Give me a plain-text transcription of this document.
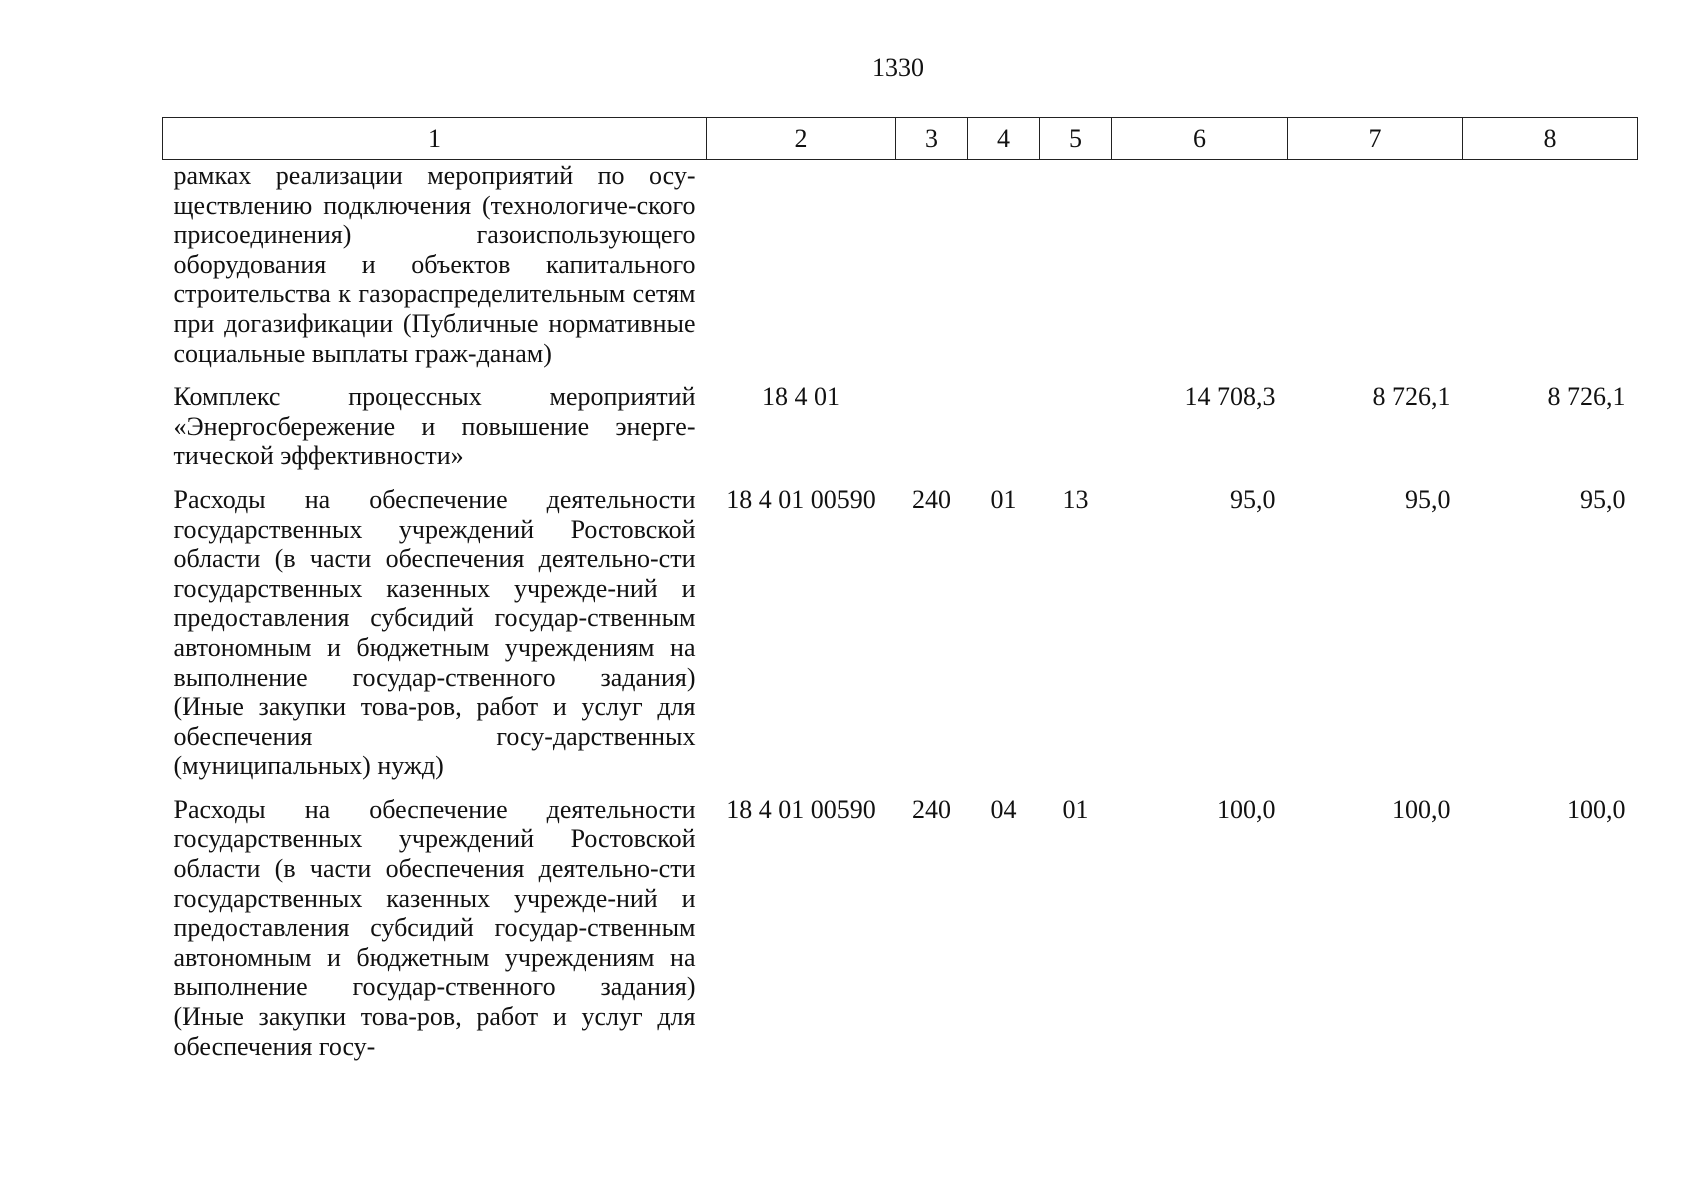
1330
1	2	3	4	5	6	7	8
рамках реализации мероприятий по осу-ществлению подключения (технологиче-ского присоединения) газоиспользующего оборудования и объектов капитального строительства к газораспределительным сетям при догазификации (Публичные нормативные социальные выплаты граж-данам)							
Комплекс процессных мероприятий «Энергосбережение и повышение энерге-тической эффективности»	18 4 01				14 708,3	8 726,1	8 726,1
Расходы на обеспечение деятельности государственных учреждений Ростовской области (в части обеспечения деятельно-сти государственных казенных учрежде-ний и предоставления субсидий государ-ственным автономным и бюджетным учреждениям на выполнение государ-ственного задания) (Иные закупки това-ров, работ и услуг для обеспечения госу-дарственных (муниципальных) нужд)	18 4 01 00590	240	01	13	95,0	95,0	95,0
Расходы на обеспечение деятельности государственных учреждений Ростовской области (в части обеспечения деятельно-сти государственных казенных учрежде-ний и предоставления субсидий государ-ственным автономным и бюджетным учреждениям на выполнение государ-ственного задания) (Иные закупки това-ров, работ и услуг для обеспечения госу-	18 4 01 00590	240	04	01	100,0	100,0	100,0
